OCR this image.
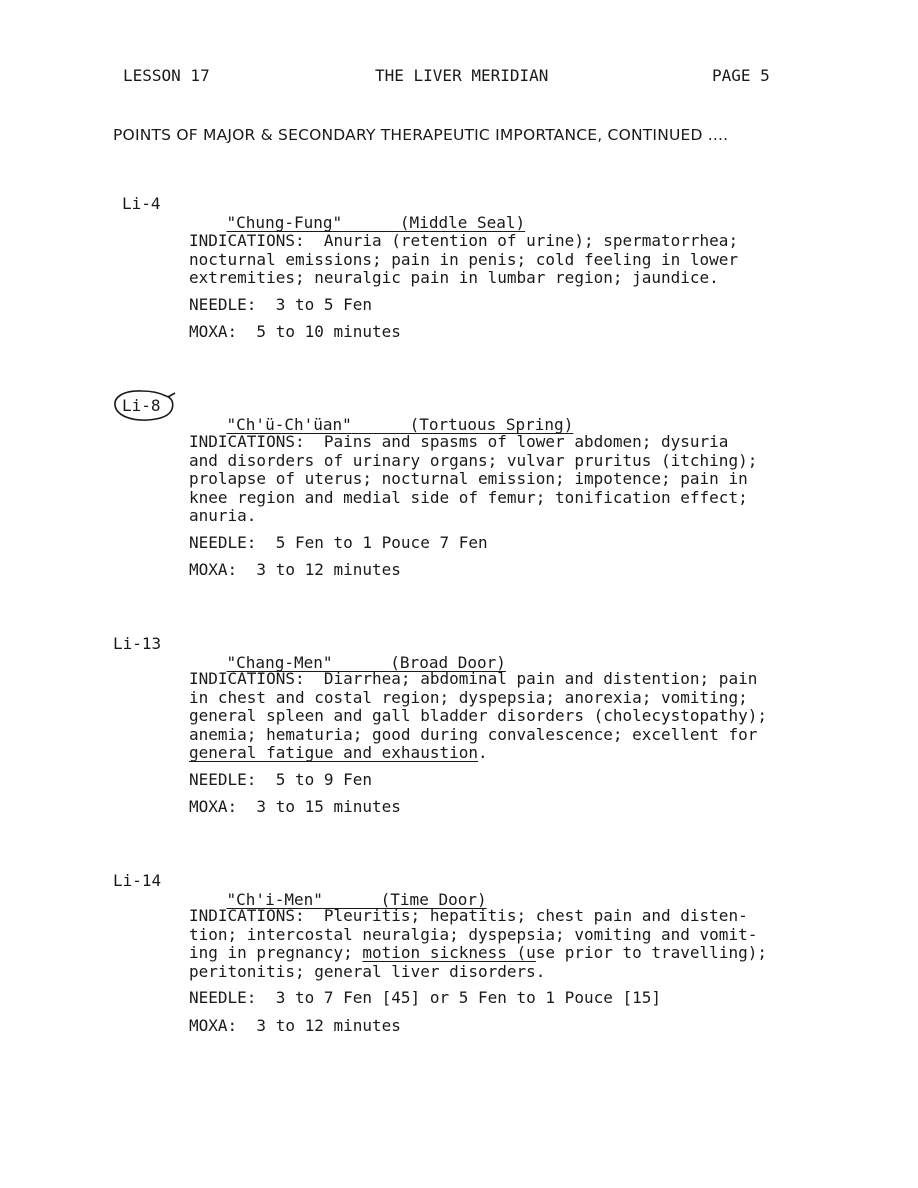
LESSON 17	THE LIVER MERIDIAN	PAGE 5
POINTS OF MAJOR & SECONDARY THERAPEUTIC IMPORTANCE, CONTINUED ....
Li-4

"Chung-Fung"	(Middle Seal)

INDICATIONS:  Anuria (retention of urine); spermatorrhea;
nocturnal emissions; pain in penis; cold feeling in lower
extremities; neuralgic pain in lumbar region; jaundice.
NEEDLE:  3 to 5 Fen
MOXA:  5 to 10 minutes
Li-8

"Ch'ü-Ch'üan"	(Tortuous Spring)

INDICATIONS:  Pains and spasms of lower abdomen; dysuria
and disorders of urinary organs; vulvar pruritus (itching);
prolapse of uterus; nocturnal emission; impotence; pain in
knee region and medial side of femur; tonification effect;
anuria.
NEEDLE:  5 Fen to 1 Pouce 7 Fen
MOXA:  3 to 12 minutes
Li-13

"Chang-Men"	(Broad Door)

INDICATIONS:  Diarrhea; abdominal pain and distention; pain
in chest and costal region; dyspepsia; anorexia; vomiting;
general spleen and gall bladder disorders (cholecystopathy);
anemia; hematuria; good during convalescence; excellent for
general fatigue and exhaustion.
NEEDLE:  5 to 9 Fen
MOXA:  3 to 15 minutes
Li-14

"Ch'i-Men"	(Time Door)

INDICATIONS:  Pleuritis; hepatitis; chest pain and disten-
tion; intercostal neuralgia; dyspepsia; vomiting and vomit-
ing in pregnancy; motion sickness (use prior to travelling);
peritonitis; general liver disorders.
NEEDLE:  3 to 7 Fen [45] or 5 Fen to 1 Pouce [15]
MOXA:  3 to 12 minutes
